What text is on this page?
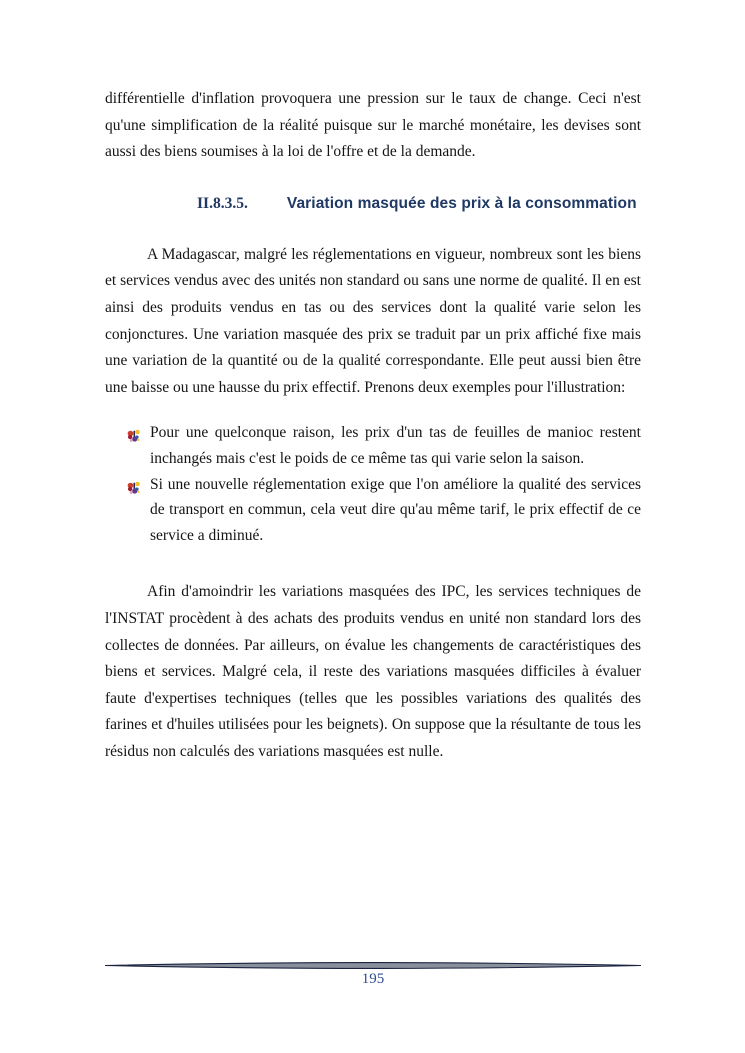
différentielle d'inflation provoquera une pression sur le taux de change. Ceci n'est qu'une simplification de la réalité puisque sur le marché monétaire, les devises sont aussi des biens soumises à la loi de l'offre et de la demande.

II.8.3.5.	Variation masquée des prix à la consommation

A Madagascar, malgré les réglementations en vigueur, nombreux sont les biens et services vendus avec des unités non standard ou sans une norme de qualité. Il en est ainsi des produits vendus en tas ou des services dont la qualité varie selon les conjonctures. Une variation masquée des prix se traduit par un prix affiché fixe mais une variation de la quantité ou de la qualité correspondante. Elle peut aussi bien être une baisse ou une hausse du prix effectif. Prenons deux exemples pour l'illustration:

Pour une quelconque raison, les prix d'un tas de feuilles de manioc restent inchangés mais c'est le poids de ce même tas qui varie selon la saison.
Si une nouvelle réglementation exige que l'on améliore la qualité des services de transport en commun, cela veut dire qu'au même tarif, le prix effectif de ce service a diminué.

Afin d'amoindrir les variations masquées des IPC, les services techniques de l'INSTAT procèdent à des achats des produits vendus en unité non standard lors des collectes de données. Par ailleurs, on évalue les changements de caractéristiques des biens et services. Malgré cela, il reste des variations masquées difficiles à évaluer faute d'expertises techniques (telles que les possibles variations des qualités des farines et d'huiles utilisées pour les beignets). On suppose que la résultante de tous les résidus non calculés des variations masquées est nulle.

195
